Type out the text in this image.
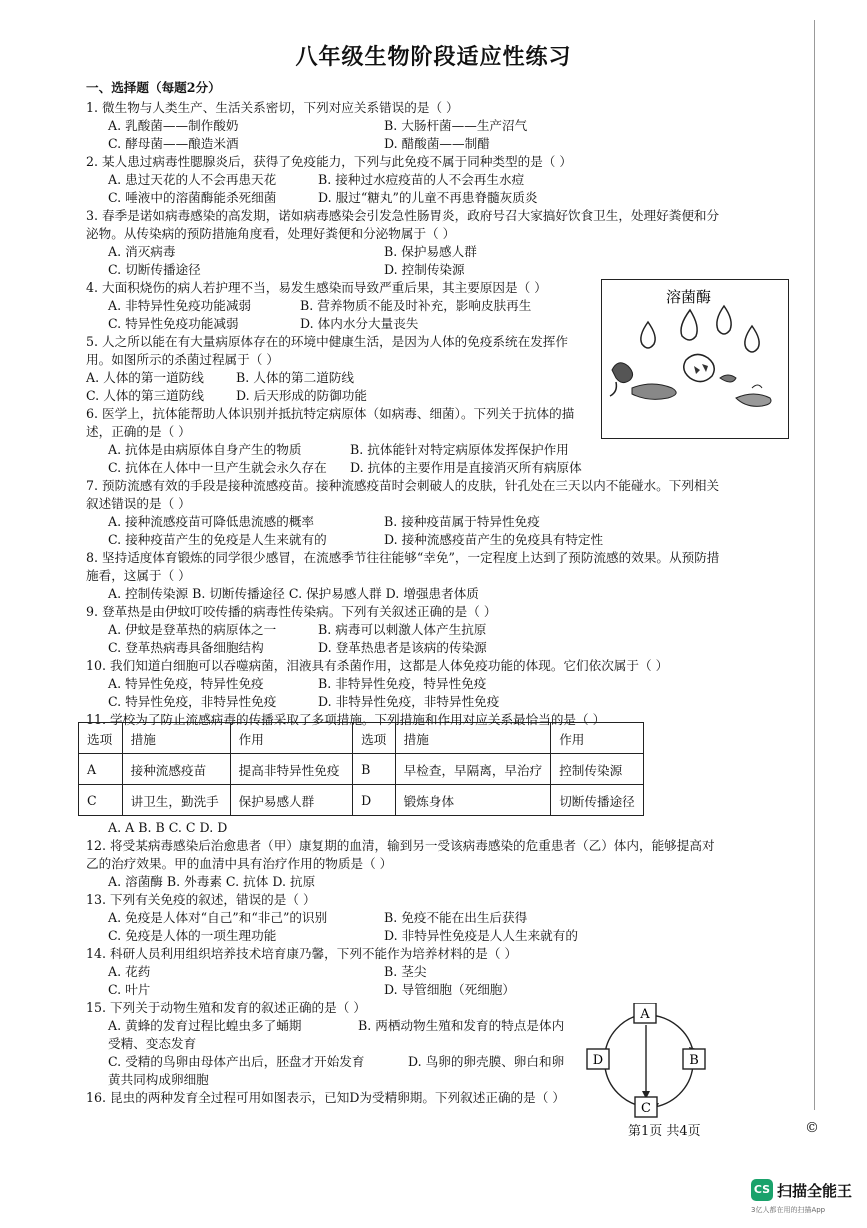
八年级生物阶段适应性练习
一、选择题（每题2分）
1. 微生物与人类生产、生活关系密切，下列对应关系错误的是（ ）
A. 乳酸菌——制作酸奶	B. 大肠杆菌——生产沼气
C. 酵母菌——酿造米酒	D. 醋酸菌——制醋
2. 某人患过病毒性腮腺炎后，获得了免疫能力，下列与此免疫不属于同种类型的是（ ）
A. 患过天花的人不会再患天花	B. 接种过水痘疫苗的人不会再生水痘
C. 唾液中的溶菌酶能杀死细菌	D. 服过“糖丸”的儿童不再患脊髓灰质炎
3. 春季是诺如病毒感染的高发期，诺如病毒感染会引发急性肠胃炎，政府号召大家搞好饮食卫生，处理好粪便和分
泌物。从传染病的预防措施角度看，处理好粪便和分泌物属于（ ）
A. 消灭病毒	B. 保护易感人群
C. 切断传播途径	D. 控制传染源
4. 大面积烧伤的病人若护理不当，易发生感染而导致严重后果，其主要原因是（ ）
A. 非特异性免疫功能减弱	B. 营养物质不能及时补充，影响皮肤再生
C. 特异性免疫功能减弱	D. 体内水分大量丧失
5. 人之所以能在有大量病原体存在的环境中健康生活，是因为人体的免疫系统在发挥作
用。如图所示的杀菌过程属于（ ）
A. 人体的第一道防线	B. 人体的第二道防线
C. 人体的第三道防线	D. 后天形成的防御功能
6. 医学上，抗体能帮助人体识别并抵抗特定病原体（如病毒、细菌）。下列关于抗体的描
述，正确的是（ ）
A. 抗体是由病原体自身产生的物质	B. 抗体能针对特定病原体发挥保护作用
C. 抗体在人体中一旦产生就会永久存在 D. 抗体的主要作用是直接消灭所有病原体
7. 预防流感有效的手段是接种流感疫苗。接种流感疫苗时会刺破人的皮肤，针孔处在三天以内不能碰水。下列相关
叙述错误的是（ ）
A. 接种流感疫苗可降低患流感的概率	B. 接种疫苗属于特异性免疫
C. 接种疫苗产生的免疫是人生来就有的	D. 接种流感疫苗产生的免疫具有特定性
8. 坚持适度体育锻炼的同学很少感冒，在流感季节往往能够“幸免”，一定程度上达到了预防流感的效果。从预防措
施看，这属于（ ）
A. 控制传染源 B. 切断传播途径 C. 保护易感人群 D. 增强患者体质
9. 登革热是由伊蚊叮咬传播的病毒性传染病。下列有关叙述正确的是（ ）
A. 伊蚊是登革热的病原体之一	B. 病毒可以刺激人体产生抗原
C. 登革热病毒具备细胞结构	D. 登革热患者是该病的传染源
10. 我们知道白细胞可以吞噬病菌，泪液具有杀菌作用，这都是人体免疫功能的体现。它们依次属于（ ）
A. 特异性免疫，特异性免疫	B. 非特异性免疫，特异性免疫
C. 特异性免疫，非特异性免疫	D. 非特异性免疫，非特异性免疫
11. 学校为了防止流感病毒的传播采取了多项措施。下列措施和作用对应关系最恰当的是（ ）
A. A B. B C. C D. D
12. 将受某病毒感染后治愈患者（甲）康复期的血清，输到另一受该病毒感染的危重患者（乙）体内，能够提高对
乙的治疗效果。甲的血清中具有治疗作用的物质是（ ）
A. 溶菌酶 B. 外毒素 C. 抗体 D. 抗原
13. 下列有关免疫的叙述，错误的是（ ）
A. 免疫是人体对“自己”和“非己”的识别	B. 免疫不能在出生后获得
C. 免疫是人体的一项生理功能	D. 非特异性免疫是人人生来就有的
14. 科研人员利用组织培养技术培育康乃馨，下列不能作为培养材料的是（ ）
A. 花药	B. 茎尖
C. 叶片	D. 导管细胞（死细胞）
15. 下列关于动物生殖和发育的叙述正确的是（ ）
A. 黄蜂的发育过程比蝗虫多了蛹期	B. 两栖动物生殖和发育的特点是体内
受精、变态发育
C. 受精的鸟卵由母体产出后，胚盘才开始发育	D. 鸟卵的卵壳膜、卵白和卵
黄共同构成卵细胞
16. 昆虫的两种发育全过程可用如图表示，已知D为受精卵期。下列叙述正确的是（ ）
选项	措施	作用	选项	措施	作用
A	接种流感疫苗	提高非特异性免疫	B	早检查，早隔离，早治疗	控制传染源
C	讲卫生，勤洗手	保护易感人群	D	锻炼身体	切断传播途径
溶菌酶
A
B
C
D
第1页 共4页	©
CS 扫描全能王
3亿人都在用的扫描App
